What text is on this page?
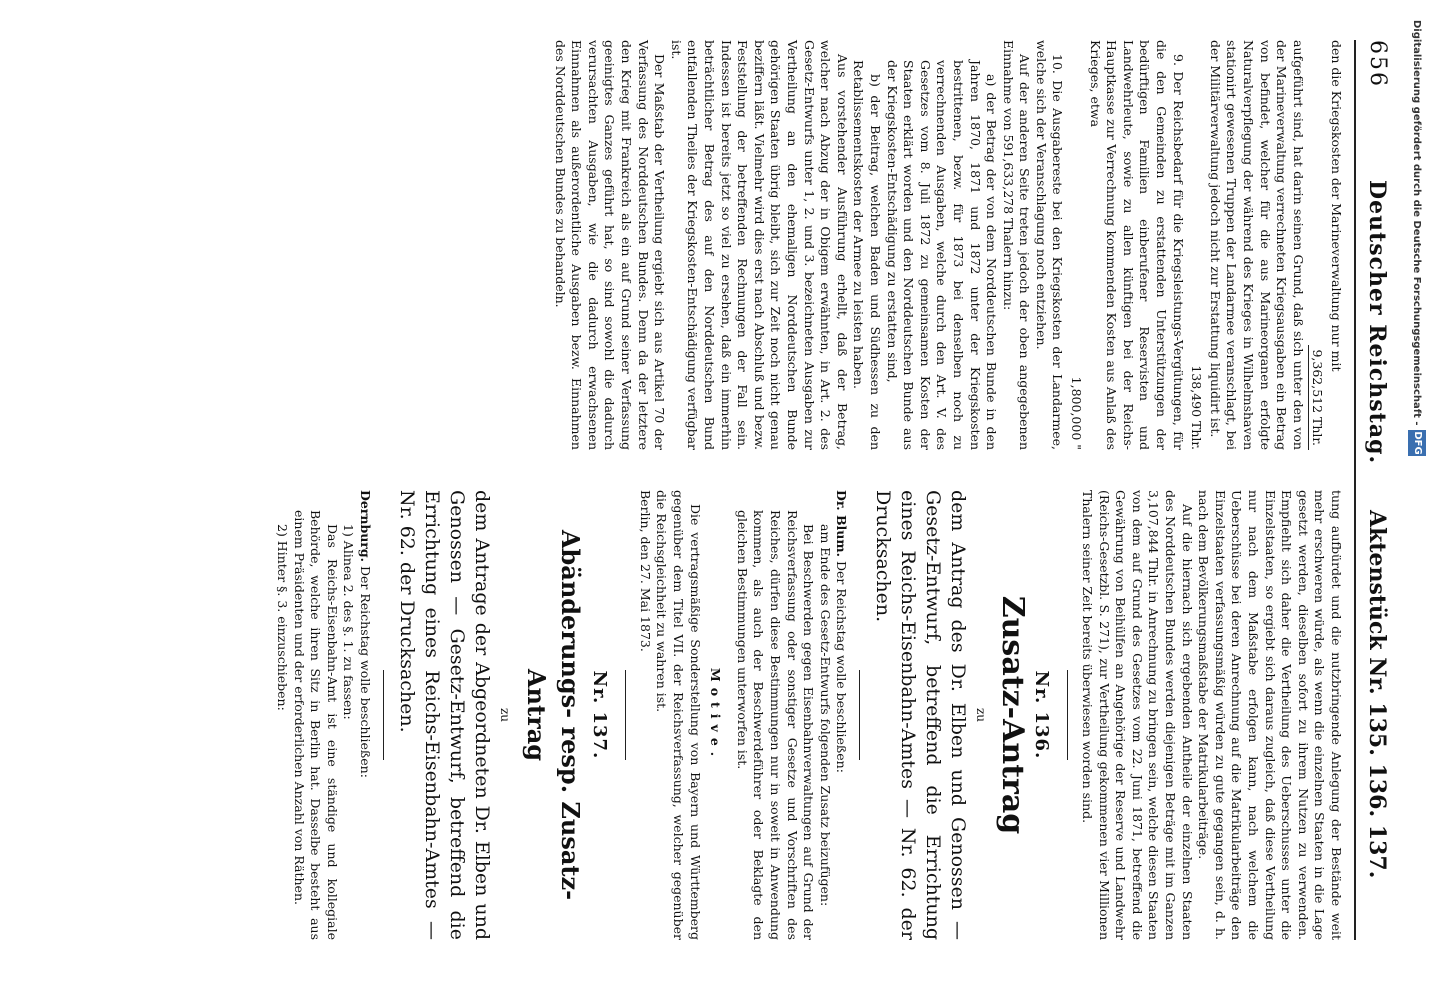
656
Deutscher Reichstag.
Aktenstück Nr. 135. 136. 137.

den die Kriegskosten der Marineverwaltung nur mit

9,362,512 Thlr.

aufgeführt sind, hat darin seinen Grund, daß sich unter den von der Marineverwaltung verrechneten Kriegsausgaben ein Betrag von befindet, welcher für die aus Marineorganen erfolgte Naturalverpflegung der während des Krieges in Wilhelmshaven stationirt gewesenen Truppen der Landarmee veranschlagt, bei der Militärverwaltung jedoch nicht zur Erstattung liquidirt ist.

138,490 Thlr.

9. Der Reichsbedarf für die Kriegsleistungs-Vergütungen, für die den Gemeinden zu erstattenden Unterstützungen der bedürftigen Familien einberufener Reservisten und Landwehrleute, sowie zu allen künftigen bei der Reichs-Hauptkasse zur Verrechnung kommenden Kosten aus Anlaß des Krieges, etwa

1,800,000 "

10. Die Ausgabereste bei den Kriegskosten der Landarmee, welche sich der Veranschlagung noch entziehen.

Auf der anderen Seite treten jedoch der oben angegebenen Einnahme von 591,633,278 Thalern hinzu:

a) der Betrag der von dem Norddeutschen Bunde in den Jahren 1870, 1871 und 1872 unter der Kriegskosten bestrittenen, bezw. für 1873 bei denselben noch zu verrechnenden Ausgaben, welche durch den Art. V. des Gesetzes vom 8. Juli 1872 zu gemeinsamen Kosten der Staaten erklärt worden und den Norddeutschen Bunde aus der Kriegskosten-Entschädigung zu erstatten sind,

b) der Beitrag, welchen Baden und Südhessen zu den Retablissementskosten der Armee zu leisten haben.

Aus vorstehender Ausführung erhellt, daß der Betrag, welcher nach Abzug der in Obigem erwähnten, in Art. 2. des Gesetz-Entwurfs unter 1, 2. und 3. bezeichneten Ausgaben zur Vertheilung an den ehemaligen Norddeutschen Bunde gehörigen Staaten übrig bleibt, sich zur Zeit noch nicht genau beziffern läßt. Vielmehr wird dies erst nach Abschluß und bezw. Feststellung der betreffenden Rechnungen der Fall sein. Indessen ist bereits jetzt so viel zu ersehen, daß ein immerhin beträchtlicher Betrag des auf den Norddeutschen Bund entfallenden Theiles der Kriegskosten-Entschädigung verfügbar ist.

Der Maßstab der Vertheilung ergiebt sich aus Artikel 70 der Verfassung des Norddeutschen Bundes. Denn da der letztere den Krieg mit Frankreich als ein auf Grund seiner Verfassung geeinigtes Ganzes geführt hat, so sind sowohl die dadurch verursachten Ausgaben, wie die dadurch erwachsenen Einnahmen als außerordentliche Ausgaben bezw. Einnahmen des Norddeutschen Bundes zu behandeln.

tung aufbürdet und die nutzbringende Anlegung der Bestände weit mehr erschweren würde, als wenn die einzelnen Staaten in die Lage gesetzt werden, dieselben sofort zu ihrem Nutzen zu verwenden. Empfiehlt sich daher die Vertheilung des Ueberschusses unter die Einzelstaaten, so ergiebt sich daraus zugleich, daß diese Vertheilung nur nach dem Maßstabe erfolgen kann, nach welchem die Ueberschüsse bei deren Anrechnung auf die Matrikularbeiträge den Einzelstaaten verfassungsmäßig würden zu gute gegangen sein, d. h. nach dem Bevölkerungsmaßstabe der Matrikularbeiträge.

Auf die hiernach sich ergebenden Antheile der einzelnen Staaten des Norddeutschen Bundes werden diejenigen Beträge mit im Ganzen 3,107,844 Thlr. in Anrechnung zu bringen sein, welche diesen Staaten von dem auf Grund des Gesetzes vom 22. Juni 1871, betreffend die Gewährung von Beihülfen an Angehörige der Reserve und Landwehr (Reichs-Gesetzbl. S. 271), zur Vertheilung gekommenen vier Millionen Thalern seiner Zeit bereits überwiesen worden sind.

Nr. 136.
Zusatz-Antrag
zu
dem Antrag des Dr. Elben und Genossen — Gesetz-Entwurf, betreffend die Errichtung eines Reichs-Eisenbahn-Amtes — Nr. 62. der Drucksachen.

Dr. Blum. Der Reichstag wolle beschließen:

am Ende des Gesetz-Entwurfs folgenden Zusatz beizufügen:

Bei Beschwerden gegen Eisenbahnverwaltungen auf Grund der Reichsverfassung oder sonstiger Gesetze und Vorschriften des Reiches, dürfen diese Bestimmungen nur in soweit in Anwendung kommen, als auch der Beschwerdeführer oder Beklagte den gleichen Bestimmungen unterworfen ist.

Motive.

Die vertragsmäßige Sonderstellung von Bayern und Württemberg gegenüber dem Titel VII. der Reichsverfassung, welcher gegenüber die Reichsgleichheit zu wahren ist.

Berlin, den 27. Mai 1873.

Nr. 137.
Abänderungs- resp. Zusatz-Antrag
zu
dem Antrage der Abgeordneten Dr. Elben und Genossen — Gesetz-Entwurf, betreffend die Errichtung eines Reichs-Eisenbahn-Amtes — Nr. 62. der Drucksachen.

Dernburg. Der Reichstag wolle beschließen:

1) Alinea 2. des §. 1. zu fassen:

Das Reichs-Eisenbahn-Amt ist eine ständige und kollegiale Behörde, welche ihren Sitz in Berlin hat. Dasselbe besteht aus einem Präsidenten und der erforderlichen Anzahl von Räthen.

2) Hinter §. 3. einzuschieben:

Digitalisierung gefördert durch die Deutsche Forschungsgemeinschaft -
DFG
